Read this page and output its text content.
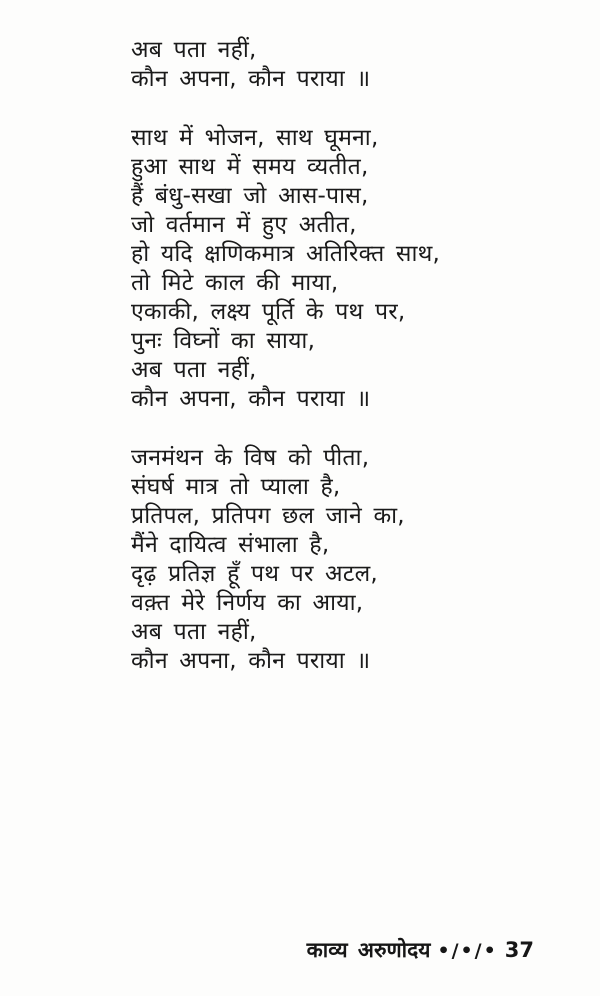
अब पता नहीं,
कौन अपना, कौन पराया ॥
साथ में भोजन, साथ घूमना,
हुआ साथ में समय व्यतीत,
हैं बंधु-सखा जो आस-पास,
जो वर्तमान में हुए अतीत,
हो यदि क्षणिकमात्र अतिरिक्त साथ,
तो मिटे काल की माया,
एकाकी, लक्ष्य पूर्ति के पथ पर,
पुनः विघ्नों का साया,
अब पता नहीं,
कौन अपना, कौन पराया ॥
जनमंथन के विष को पीता,
संघर्ष मात्र तो प्याला है,
प्रतिपल, प्रतिपग छल जाने का,
मैंने दायित्व संभाला है,
दृढ़ प्रतिज्ञ हूँ पथ पर अटल,
वक़्त मेरे निर्णय का आया,
अब पता नहीं,
कौन अपना, कौन पराया ॥
काव्य अरुणोदय •/•/• 37
